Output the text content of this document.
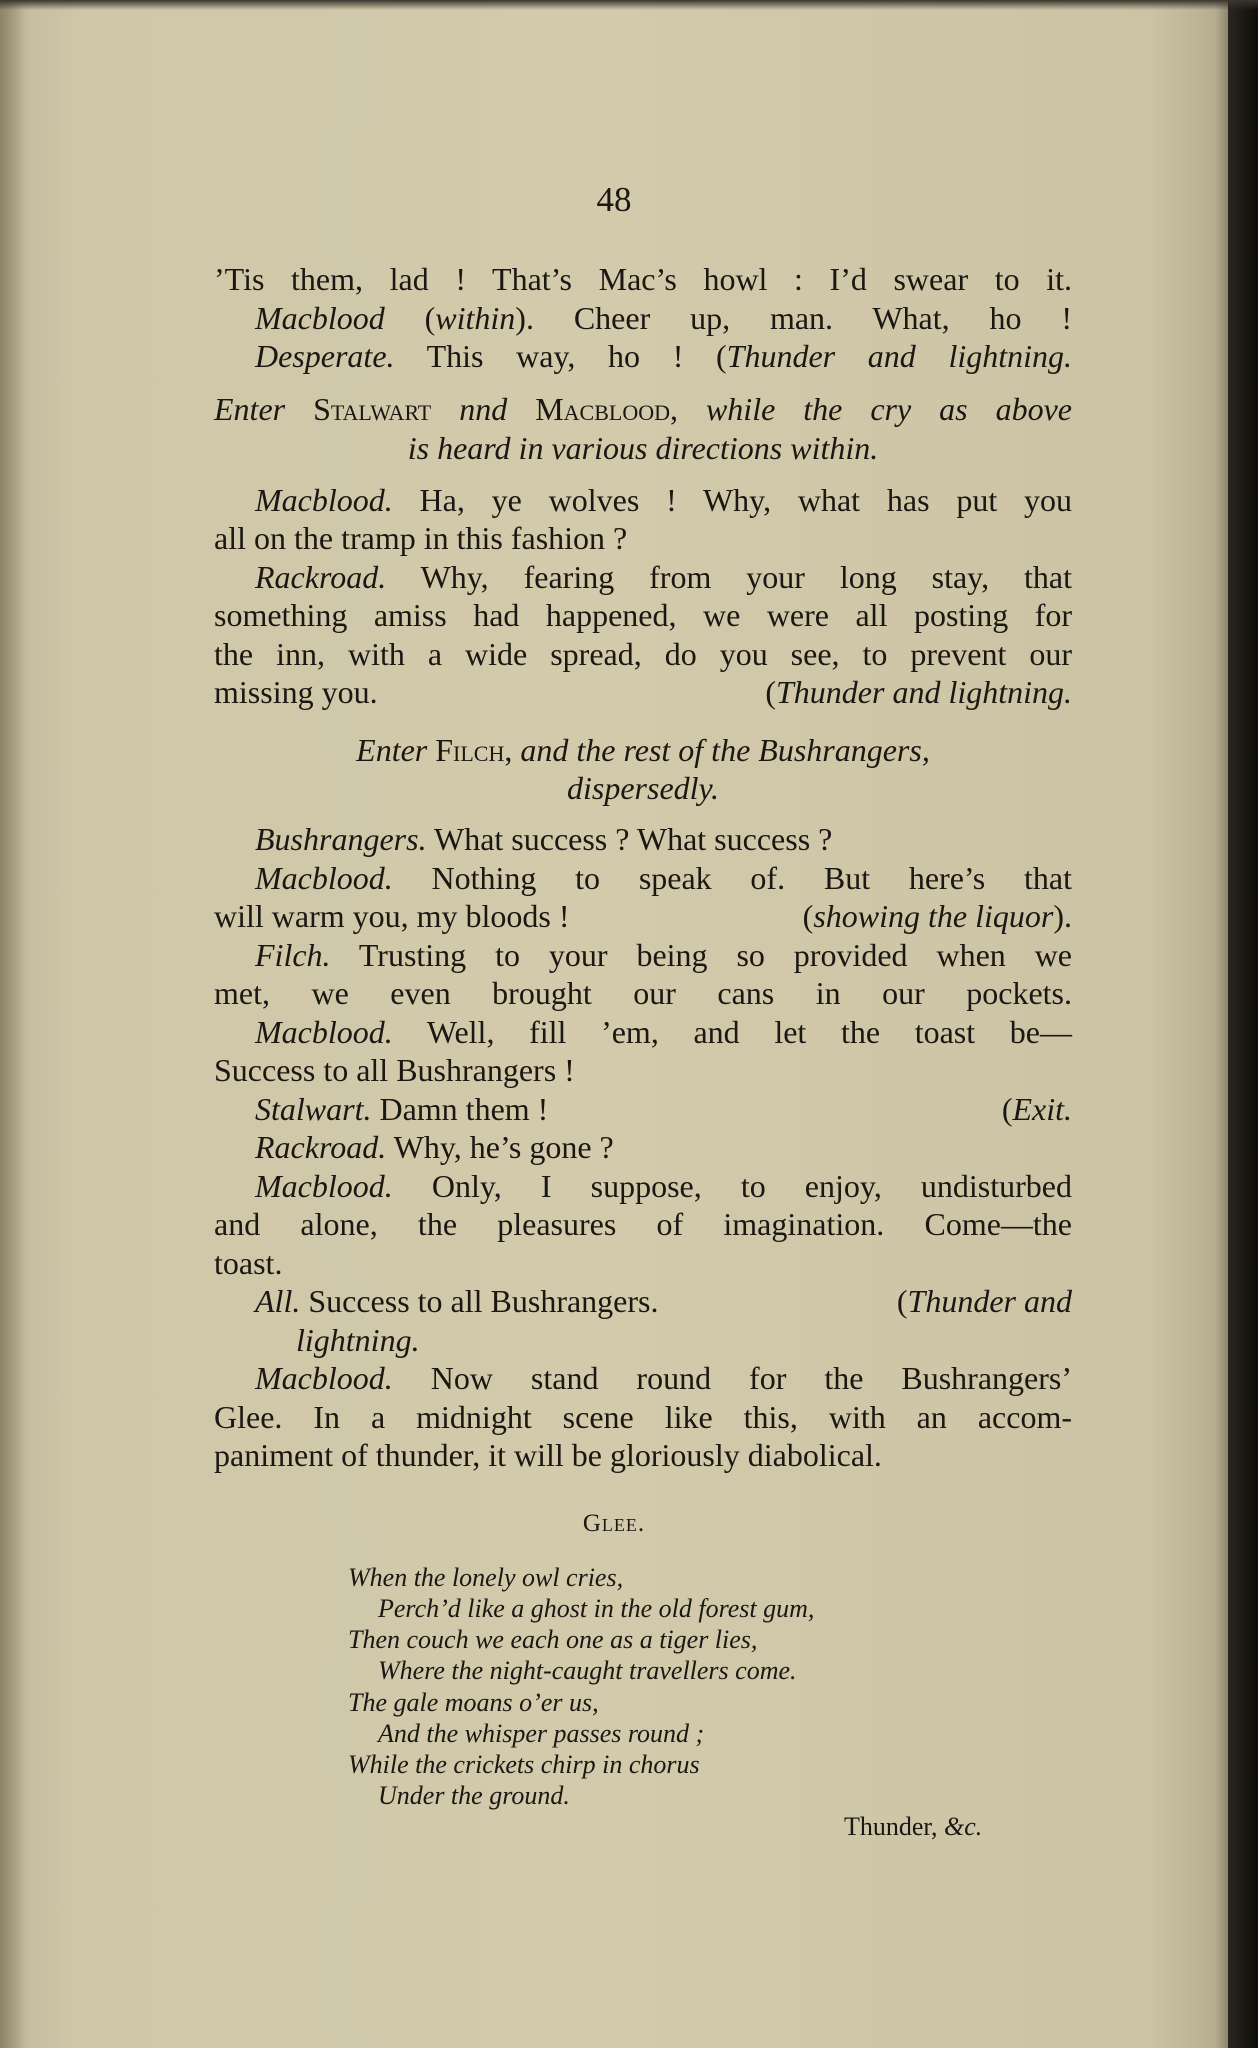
48
’Tis them, lad ! That’s Mac’s howl : I’d swear to it.
Macblood (within). Cheer up, man. What, ho !
Desperate. This way, ho ! (Thunder and lightning.
Enter Stalwart nnd Macblood, while the cry as above
is heard in various directions within.
Macblood. Ha, ye wolves ! Why, what has put you
all on the tramp in this fashion ?
Rackroad. Why, fearing from your long stay, that
something amiss had happened, we were all posting for
the inn, with a wide spread, do you see, to prevent our
missing you.	(Thunder and lightning.
Enter Filch, and the rest of the Bushrangers,
dispersedly.
Bushrangers. What success ? What success ?
Macblood. Nothing to speak of. But here’s that
will warm you, my bloods !	(showing the liquor).
Filch. Trusting to your being so provided when we
met, we even brought our cans in our pockets.
Macblood. Well, fill ’em, and let the toast be—
Success to all Bushrangers !
Stalwart. Damn them !	(Exit.
Rackroad. Why, he’s gone ?
Macblood. Only, I suppose, to enjoy, undisturbed
and alone, the pleasures of imagination. Come—the
toast.
All. Success to all Bushrangers.	(Thunder and
lightning.
Macblood. Now stand round for the Bushrangers’
Glee. In a midnight scene like this, with an accom-
paniment of thunder, it will be gloriously diabolical.
Glee.
When the lonely owl cries,
Perch’d like a ghost in the old forest gum,
Then couch we each one as a tiger lies,
Where the night-caught travellers come.
The gale moans o’er us,
And the whisper passes round ;
While the crickets chirp in chorus
Under the ground.
Thunder, &c.
